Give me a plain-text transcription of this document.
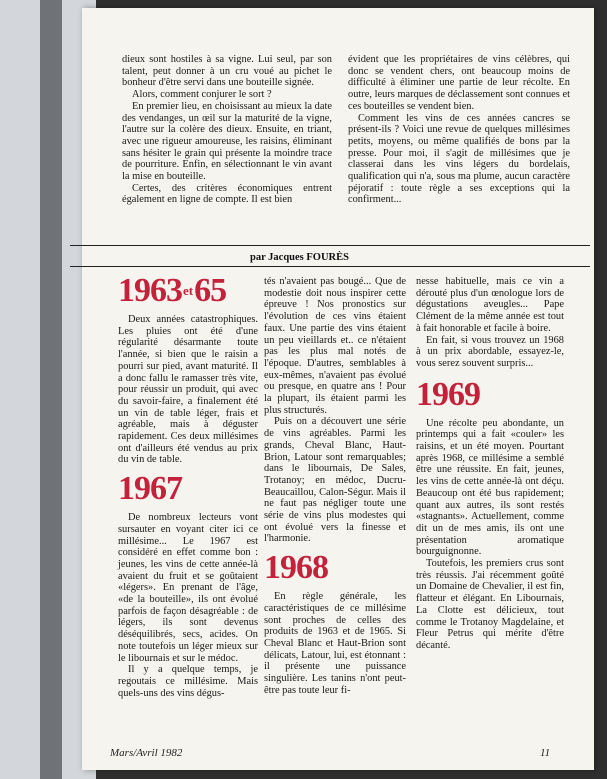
dieux sont hostiles à sa vigne. Lui seul, par son talent, peut donner à un cru voué au pichet le bonheur d'être servi dans une bouteille signée.

Alors, comment conjurer le sort ?

En premier lieu, en choisissant au mieux la date des vendanges, un œil sur la maturité de la vigne, l'autre sur la colère des dieux. Ensuite, en triant, avec une rigueur amoureuse, les raisins, éliminant sans hésiter le grain qui présente la moindre trace de pourriture. Enfin, en sélectionnant le vin avant la mise en bouteille.

Certes, des critères économiques entrent également en ligne de compte. Il est bien

évident que les propriétaires de vins célèbres, qui donc se vendent chers, ont beaucoup moins de difficulté à éliminer une partie de leur récolte. En outre, leurs marques de déclassement sont connues et ces bouteilles se vendent bien.

Comment les vins de ces années cancres se présent-ils ? Voici une revue de quelques millésimes petits, moyens, ou même qualifiés de bons par la presse. Pour moi, il s'agit de millésimes que je classerai dans les vins légers du bordelais, qualification qui n'a, sous ma plume, aucun caractère péjoratif : toute règle a ses exceptions qui la confirment...

par Jacques FOURÈS
$1963^{et}65$

Deux années catastrophiques. Les pluies ont été d'une régularité désarmante toute l'année, si bien que le raisin a pourri sur pied, avant maturité. Il a donc fallu le ramasser très vite, pour réussir un produit, qui avec du savoir-faire, a finalement été un vin de table léger, frais et agréable, mais à déguster rapidement. Ces deux millésimes ont d'ailleurs été vendus au prix du vin de table.

1967

De nombreux lecteurs vont sursauter en voyant citer ici ce millésime... Le 1967 est considéré en effet comme bon : jeunes, les vins de cette année-là avaient du fruit et se goûtaient «légers». En prenant de l'âge, «de la bouteille», ils ont évolué parfois de façon désagréable : de légers, ils sont devenus déséquilibrés, secs, acides. On note toutefois un léger mieux sur le libournais et sur le médoc.

Il y a quelque temps, je regoutais ce millésime. Mais quels-uns des vins dégus-

tés n'avaient pas bougé... Que de modestie doit nous inspirer cette épreuve ! Nos pronostics sur l'évolution de ces vins étaient faux. Une partie des vins étaient un peu vieillards et.. ce n'étaient pas les plus mal notés de l'époque. D'autres, semblables à eux-mêmes, n'avaient pas évolué ou presque, en quatre ans ! Pour la plupart, ils étaient parmi les plus structurés.

Puis on a découvert une série de vins agréables. Parmi les grands, Cheval Blanc, Haut-Brion, Latour sont remarquables; dans le libournais, De Sales, Trotanoy; en médoc, Ducru-Beaucaillou, Calon-Ségur. Mais il ne faut pas négliger toute une série de vins plus modestes qui ont évolué vers la finesse et l'harmonie.

1968

En règle générale, les caractéristiques de ce millésime sont proches de celles des produits de 1963 et de 1965. Si Cheval Blanc et Haut-Brion sont délicats, Latour, lui, est étonnant : il présente une puissance singulière. Les tanins n'ont peut-être pas toute leur fi-

nesse habituelle, mais ce vin a dérouté plus d'un œnologue lors de dégustations aveugles... Pape Clément de la même année est tout à fait honorable et facile à boire.

En fait, si vous trouvez un 1968 à un prix abordable, essayez-le, vous serez souvent surpris...

1969

Une récolte peu abondante, un printemps qui a fait «couler» les raisins, et un été moyen. Pourtant après 1968, ce millésime a semblé être une réussite. En fait, jeunes, les vins de cette année-là ont déçu. Beaucoup ont été bus rapidement; quant aux autres, ils sont restés «stagnants». Actuellement, comme dit un de mes amis, ils ont une présentation aromatique bourguignonne.

Toutefois, les premiers crus sont très réussis. J'ai récemment goûté un Domaine de Chevalier, il est fin, flatteur et élégant. En Libournais, La Clotte est délicieux, tout comme le Trotanoy Magdelaine, et Fleur Petrus qui mérite d'être décanté.

Mars/Avril 1982	11
